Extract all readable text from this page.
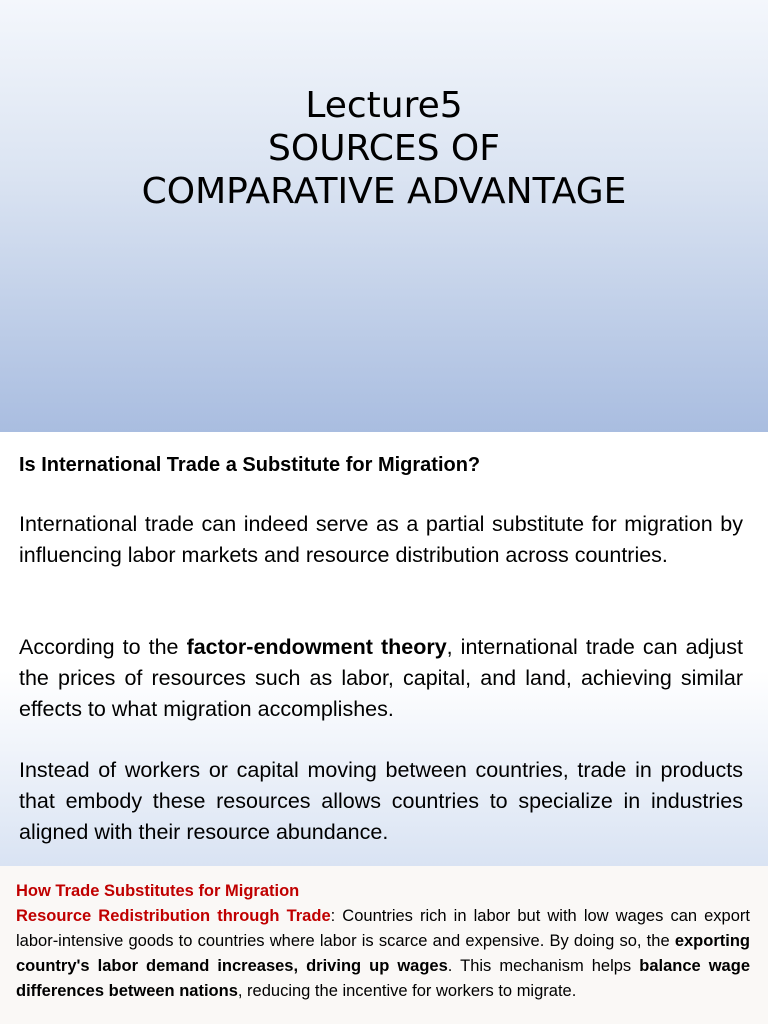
Lecture5
SOURCES OF
COMPARATIVE ADVANTAGE
Is International Trade a Substitute for Migration?

International trade can indeed serve as a partial substitute for migration by influencing labor markets and resource distribution across countries.

According to the factor-endowment theory, international trade can adjust the prices of resources such as labor, capital, and land, achieving similar effects to what migration accomplishes.

Instead of workers or capital moving between countries, trade in products that embody these resources allows countries to specialize in industries aligned with their resource abundance.

How Trade Substitutes for Migration
Resource Redistribution through Trade: Countries rich in labor but with low wages can export labor-intensive goods to countries where labor is scarce and expensive. By doing so, the exporting country's labor demand increases, driving up wages. This mechanism helps balance wage differences between nations, reducing the incentive for workers to migrate.
